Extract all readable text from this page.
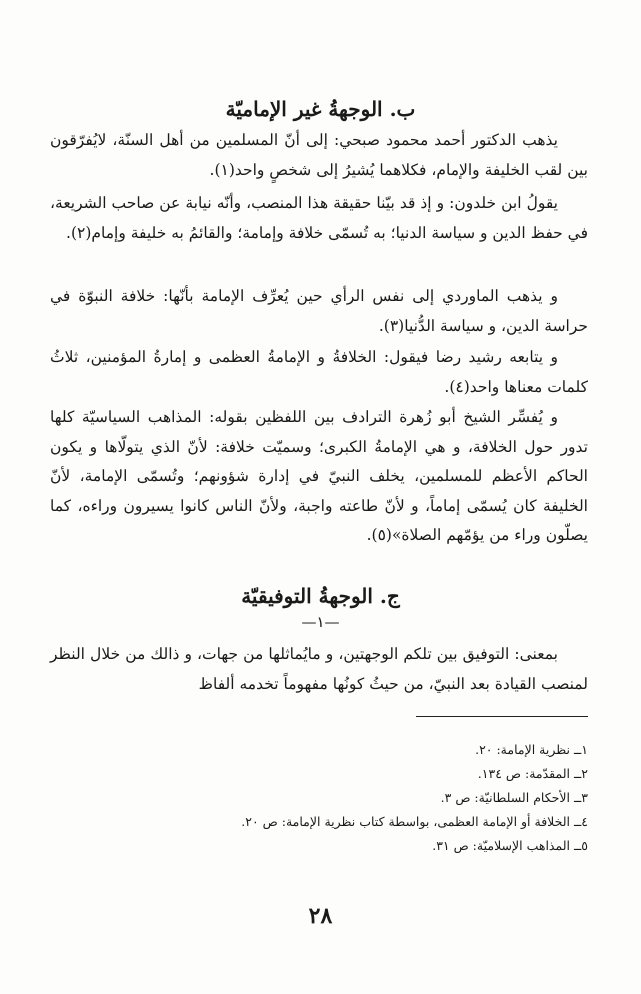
ب. الوجهةُ غير الإماميّة
يذهب الدكتور أحمد محمود صبحي: إلى أنّ المسلمين من أهل السنّة، لايُفرّقون بين لقب الخليفة والإمام، فكلاهما يُشيرُ إلى شخصٍ واحد(١).
يقولُ ابن خلدون: و إذ قد بيّنا حقيقة هذا المنصب، وأنّه نيابة عن صاحب الشريعة، في حفظ الدين و سياسة الدنيا؛ به تُسمّى خلافة وإمامة؛ والقائمُ به خليفة وإمام(٢).
و يذهب الماوردي إلى نفس الرأي حين يُعرِّف الإمامة بأنّها: خلافة النبوّة في حراسة الدين، و سياسة الدُّنيا(٣).
و يتابعه رشيد رضا فيقول: الخلافةُ و الإمامةُ العظمى و إمارةُ المؤمنين، ثلاثُ كلمات معناها واحد(٤).
و يُفسِّر الشيخ أبو زُهرة الترادف بين اللفظين بقوله: المذاهب السياسيّة كلها تدور حول الخلافة، و هي الإمامةُ الكبرى؛ وسميّت خلافة: لأنّ الذي يتولّاها و يكون الحاكم الأعظم للمسلمين، يخلف النبيّ في إدارة شؤونهم؛ وتُسمّى الإمامة، لأنّ الخليفة كان يُسمّى إماماً، و لأنّ طاعته واجبة، ولأنّ الناس كانوا يسيرون وراءه، كما يصلّون وراء من يؤمّهم الصلاة»(٥).
ج. الوجهةُ التوفيقيّة
—١—
بمعنى: التوفيق بين تلكم الوجهتين، و مايُماثلها من جهات، و ذالك من خلال النظر لمنصب القيادة بعد النبيّ، من حيثُ كونُها مفهوماً تخدمه ألفاظ
١ــ نظرية الإمامة: ٢٠.
٢ــ المقدّمة: ص ١٣٤.
٣ــ الأحكام السلطانيّة: ص ٣.
٤ــ الخلافة أو الإمامة العظمى، بواسطة كتاب نظرية الإمامة: ص ٢٠.
٥ــ المذاهب الإسلاميّة: ص ٣١.
٢٨
